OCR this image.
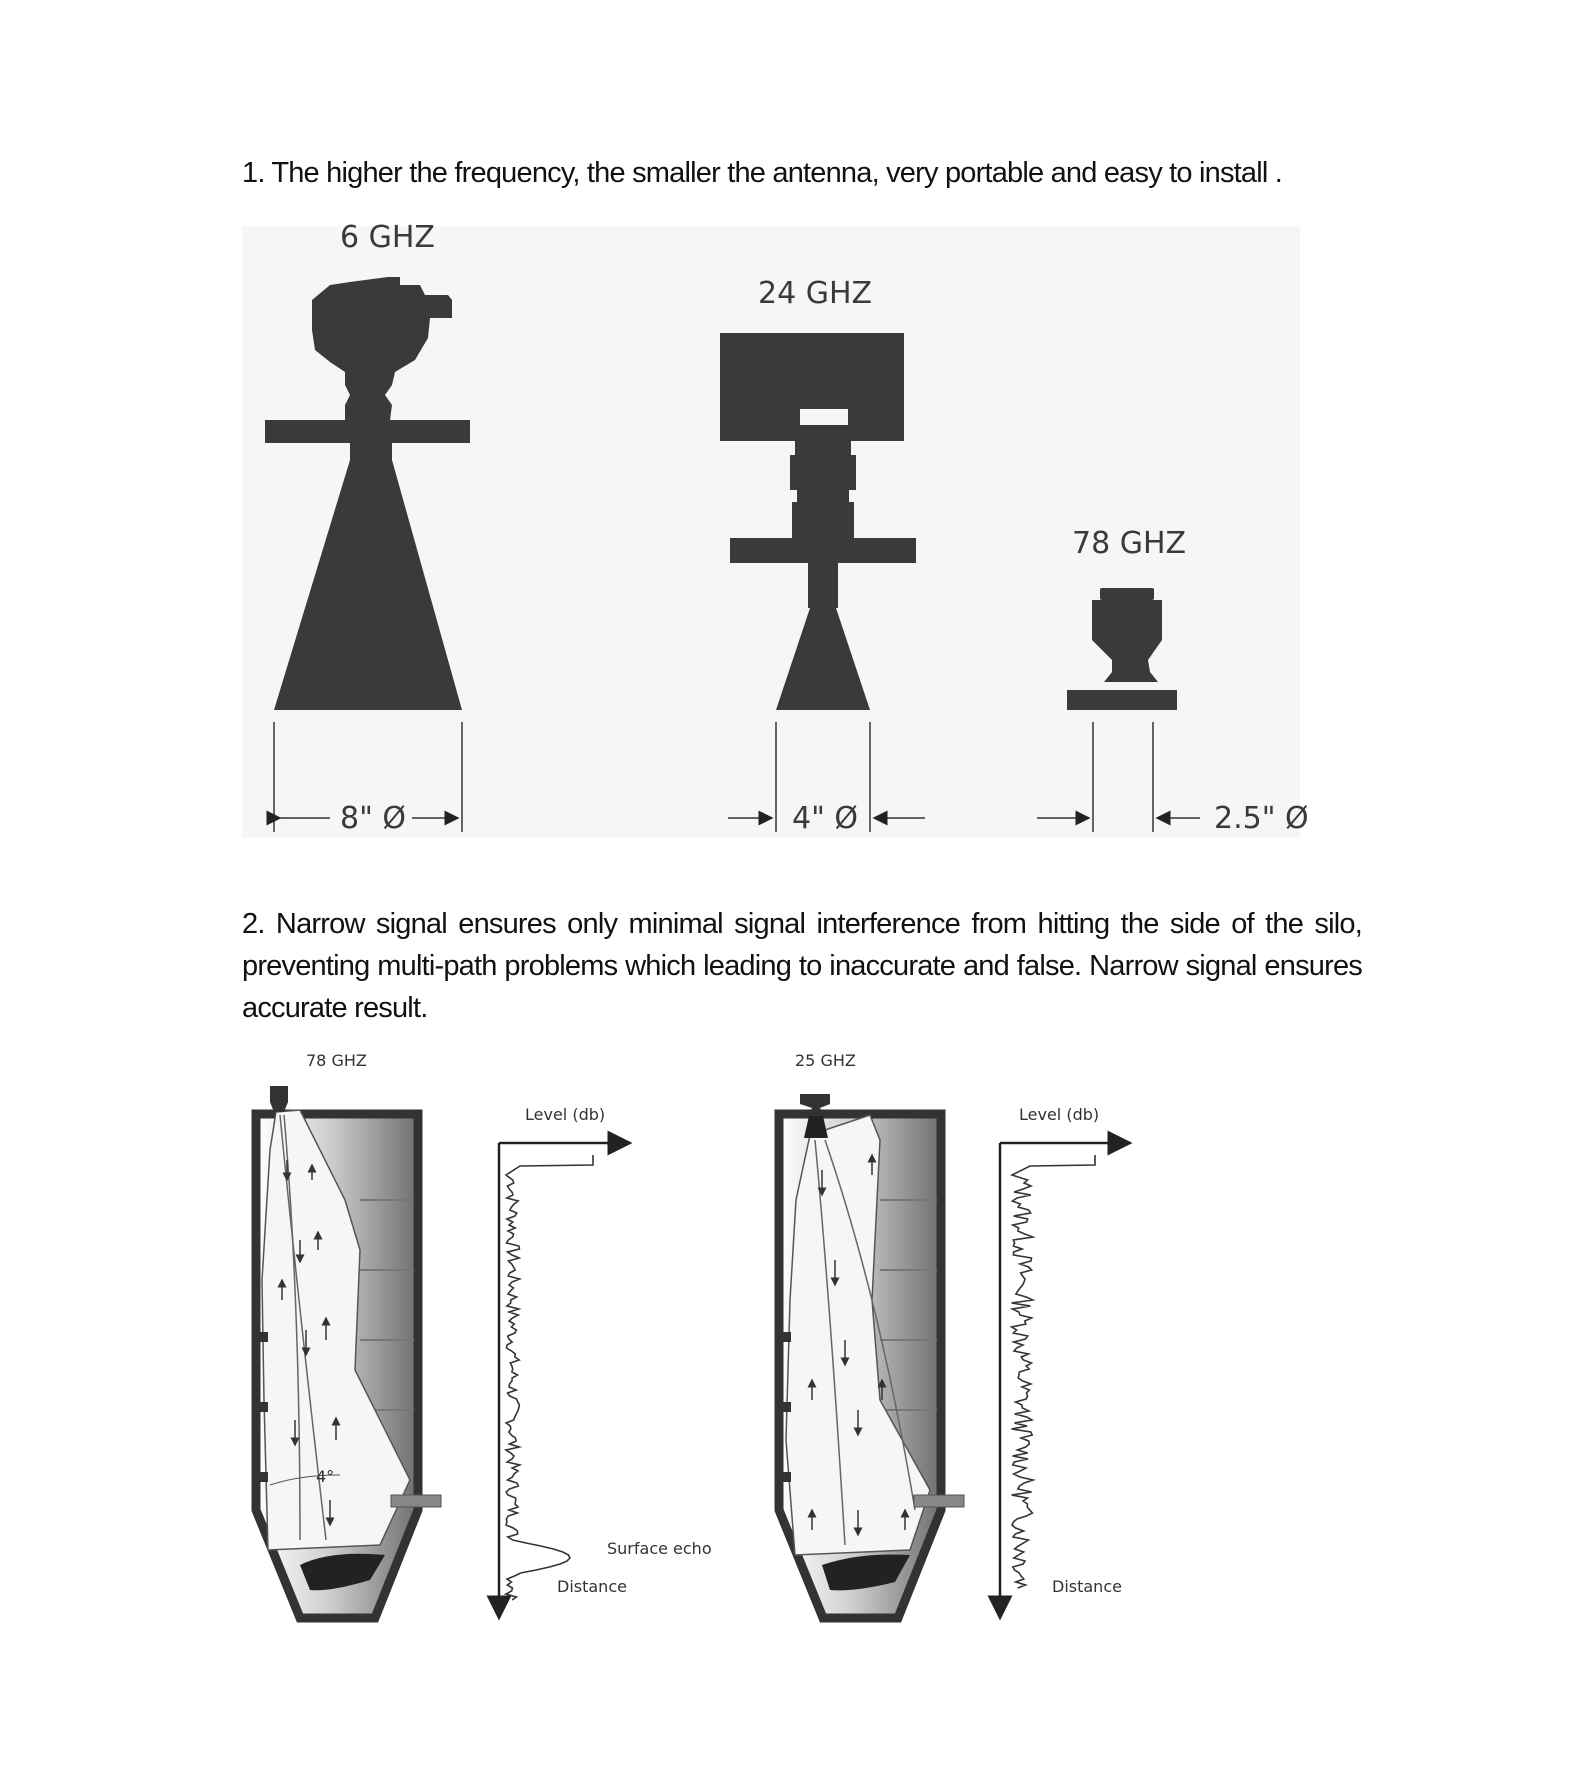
1. The higher the frequency, the smaller the antenna, very portable and easy to install .

2. Narrow signal ensures only minimal signal interference from hitting the side of the silo, preventing multi-path problems which leading to inaccurate and false. Narrow signal ensures accurate result.

6 GHZ
24 GHZ
78 GHZ
8" Ø	4" Ø	2.5" Ø
78 GHZ
4°
Level (db)
Surface echo
Distance
25 GHZ
Level (db)
Distance
